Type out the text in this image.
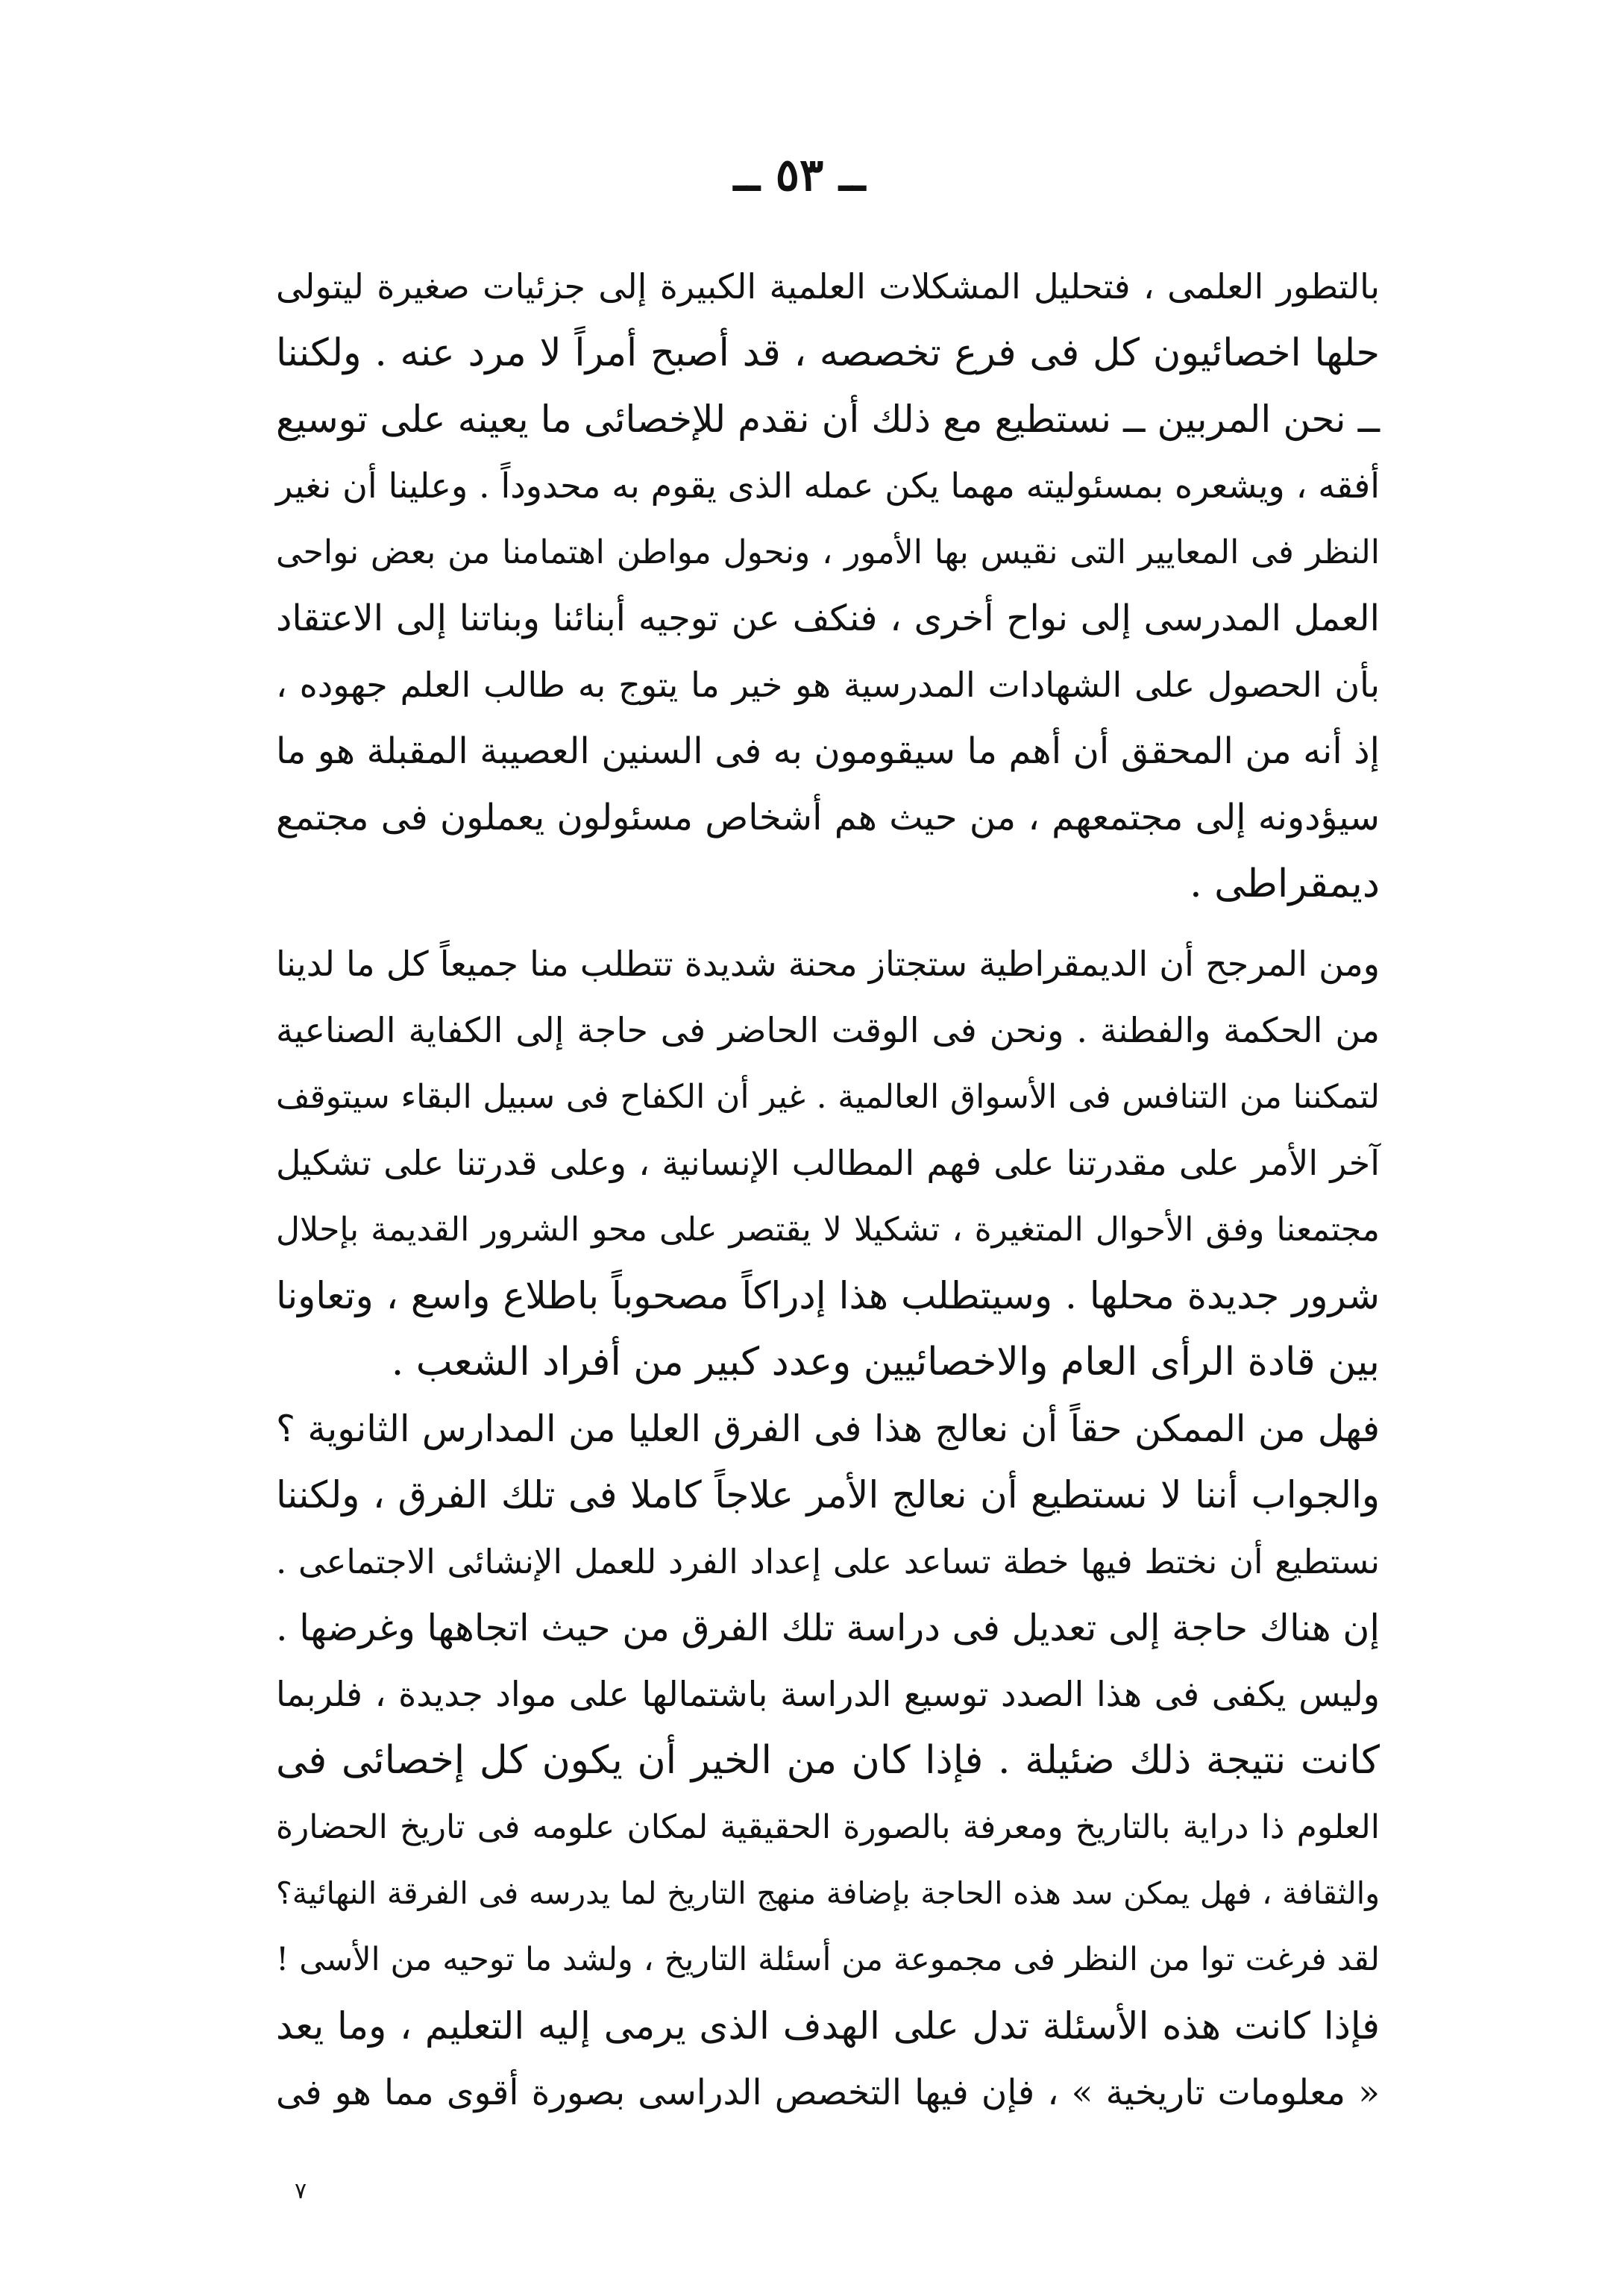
ــ ٥٣ ــ
بالتطور العلمى ، فتحليل المشكلات العلمية الكبيرة إلى جزئيات صغيرة ليتولى
حلها اخصائيون كل فى فرع تخصصه ، قد أصبح أمراً لا مرد عنه . ولكننا
ــ نحن المربين ــ نستطيع مع ذلك أن نقدم للإخصائى ما يعينه على توسيع
أفقه ، ويشعره بمسئوليته مهما يكن عمله الذى يقوم به محدوداً . وعلينا أن نغير
النظر فى المعايير التى نقيس بها الأمور ، ونحول مواطن اهتمامنا من بعض نواحى
العمل المدرسى إلى نواح أخرى ، فنكف عن توجيه أبنائنا وبناتنا إلى الاعتقاد
بأن الحصول على الشهادات المدرسية هو خير ما يتوج به طالب العلم جهوده ،
إذ أنه من المحقق أن أهم ما سيقومون به فى السنين العصيبة المقبلة هو ما
سيؤدونه إلى مجتمعهم ، من حيث هم أشخاص مسئولون يعملون فى مجتمع
ديمقراطى .
ومن المرجح أن الديمقراطية ستجتاز محنة شديدة تتطلب منا جميعاً كل ما لدينا
من الحكمة والفطنة . ونحن فى الوقت الحاضر فى حاجة إلى الكفاية الصناعية
لتمكننا من التنافس فى الأسواق العالمية . غير أن الكفاح فى سبيل البقاء سيتوقف
آخر الأمر على مقدرتنا على فهم المطالب الإنسانية ، وعلى قدرتنا على تشكيل
مجتمعنا وفق الأحوال المتغيرة ، تشكيلا لا يقتصر على محو الشرور القديمة بإحلال
شرور جديدة محلها . وسيتطلب هذا إدراكاً مصحوباً باطلاع واسع ، وتعاونا
بين قادة الرأى العام والاخصائيين وعدد كبير من أفراد الشعب .
فهل من الممكن حقاً أن نعالج هذا فى الفرق العليا من المدارس الثانوية ؟
والجواب أننا لا نستطيع أن نعالج الأمر علاجاً كاملا فى تلك الفرق ، ولكننا
نستطيع أن نختط فيها خطة تساعد على إعداد الفرد للعمل الإنشائى الاجتماعى .
إن هناك حاجة إلى تعديل فى دراسة تلك الفرق من حيث اتجاهها وغرضها .
وليس يكفى فى هذا الصدد توسيع الدراسة باشتمالها على مواد جديدة ، فلربما
كانت نتيجة ذلك ضئيلة . فإذا كان من الخير أن يكون كل إخصائى فى
العلوم ذا دراية بالتاريخ ومعرفة بالصورة الحقيقية لمكان علومه فى تاريخ الحضارة
والثقافة ، فهل يمكن سد هذه الحاجة بإضافة منهج التاريخ لما يدرسه فى الفرقة النهائية؟
لقد فرغت توا من النظر فى مجموعة من أسئلة التاريخ ، ولشد ما توحيه من الأسى !
فإذا كانت هذه الأسئلة تدل على الهدف الذى يرمى إليه التعليم ، وما يعد
« معلومات تاريخية » ، فإن فيها التخصص الدراسى بصورة أقوى مما هو فى
٧
